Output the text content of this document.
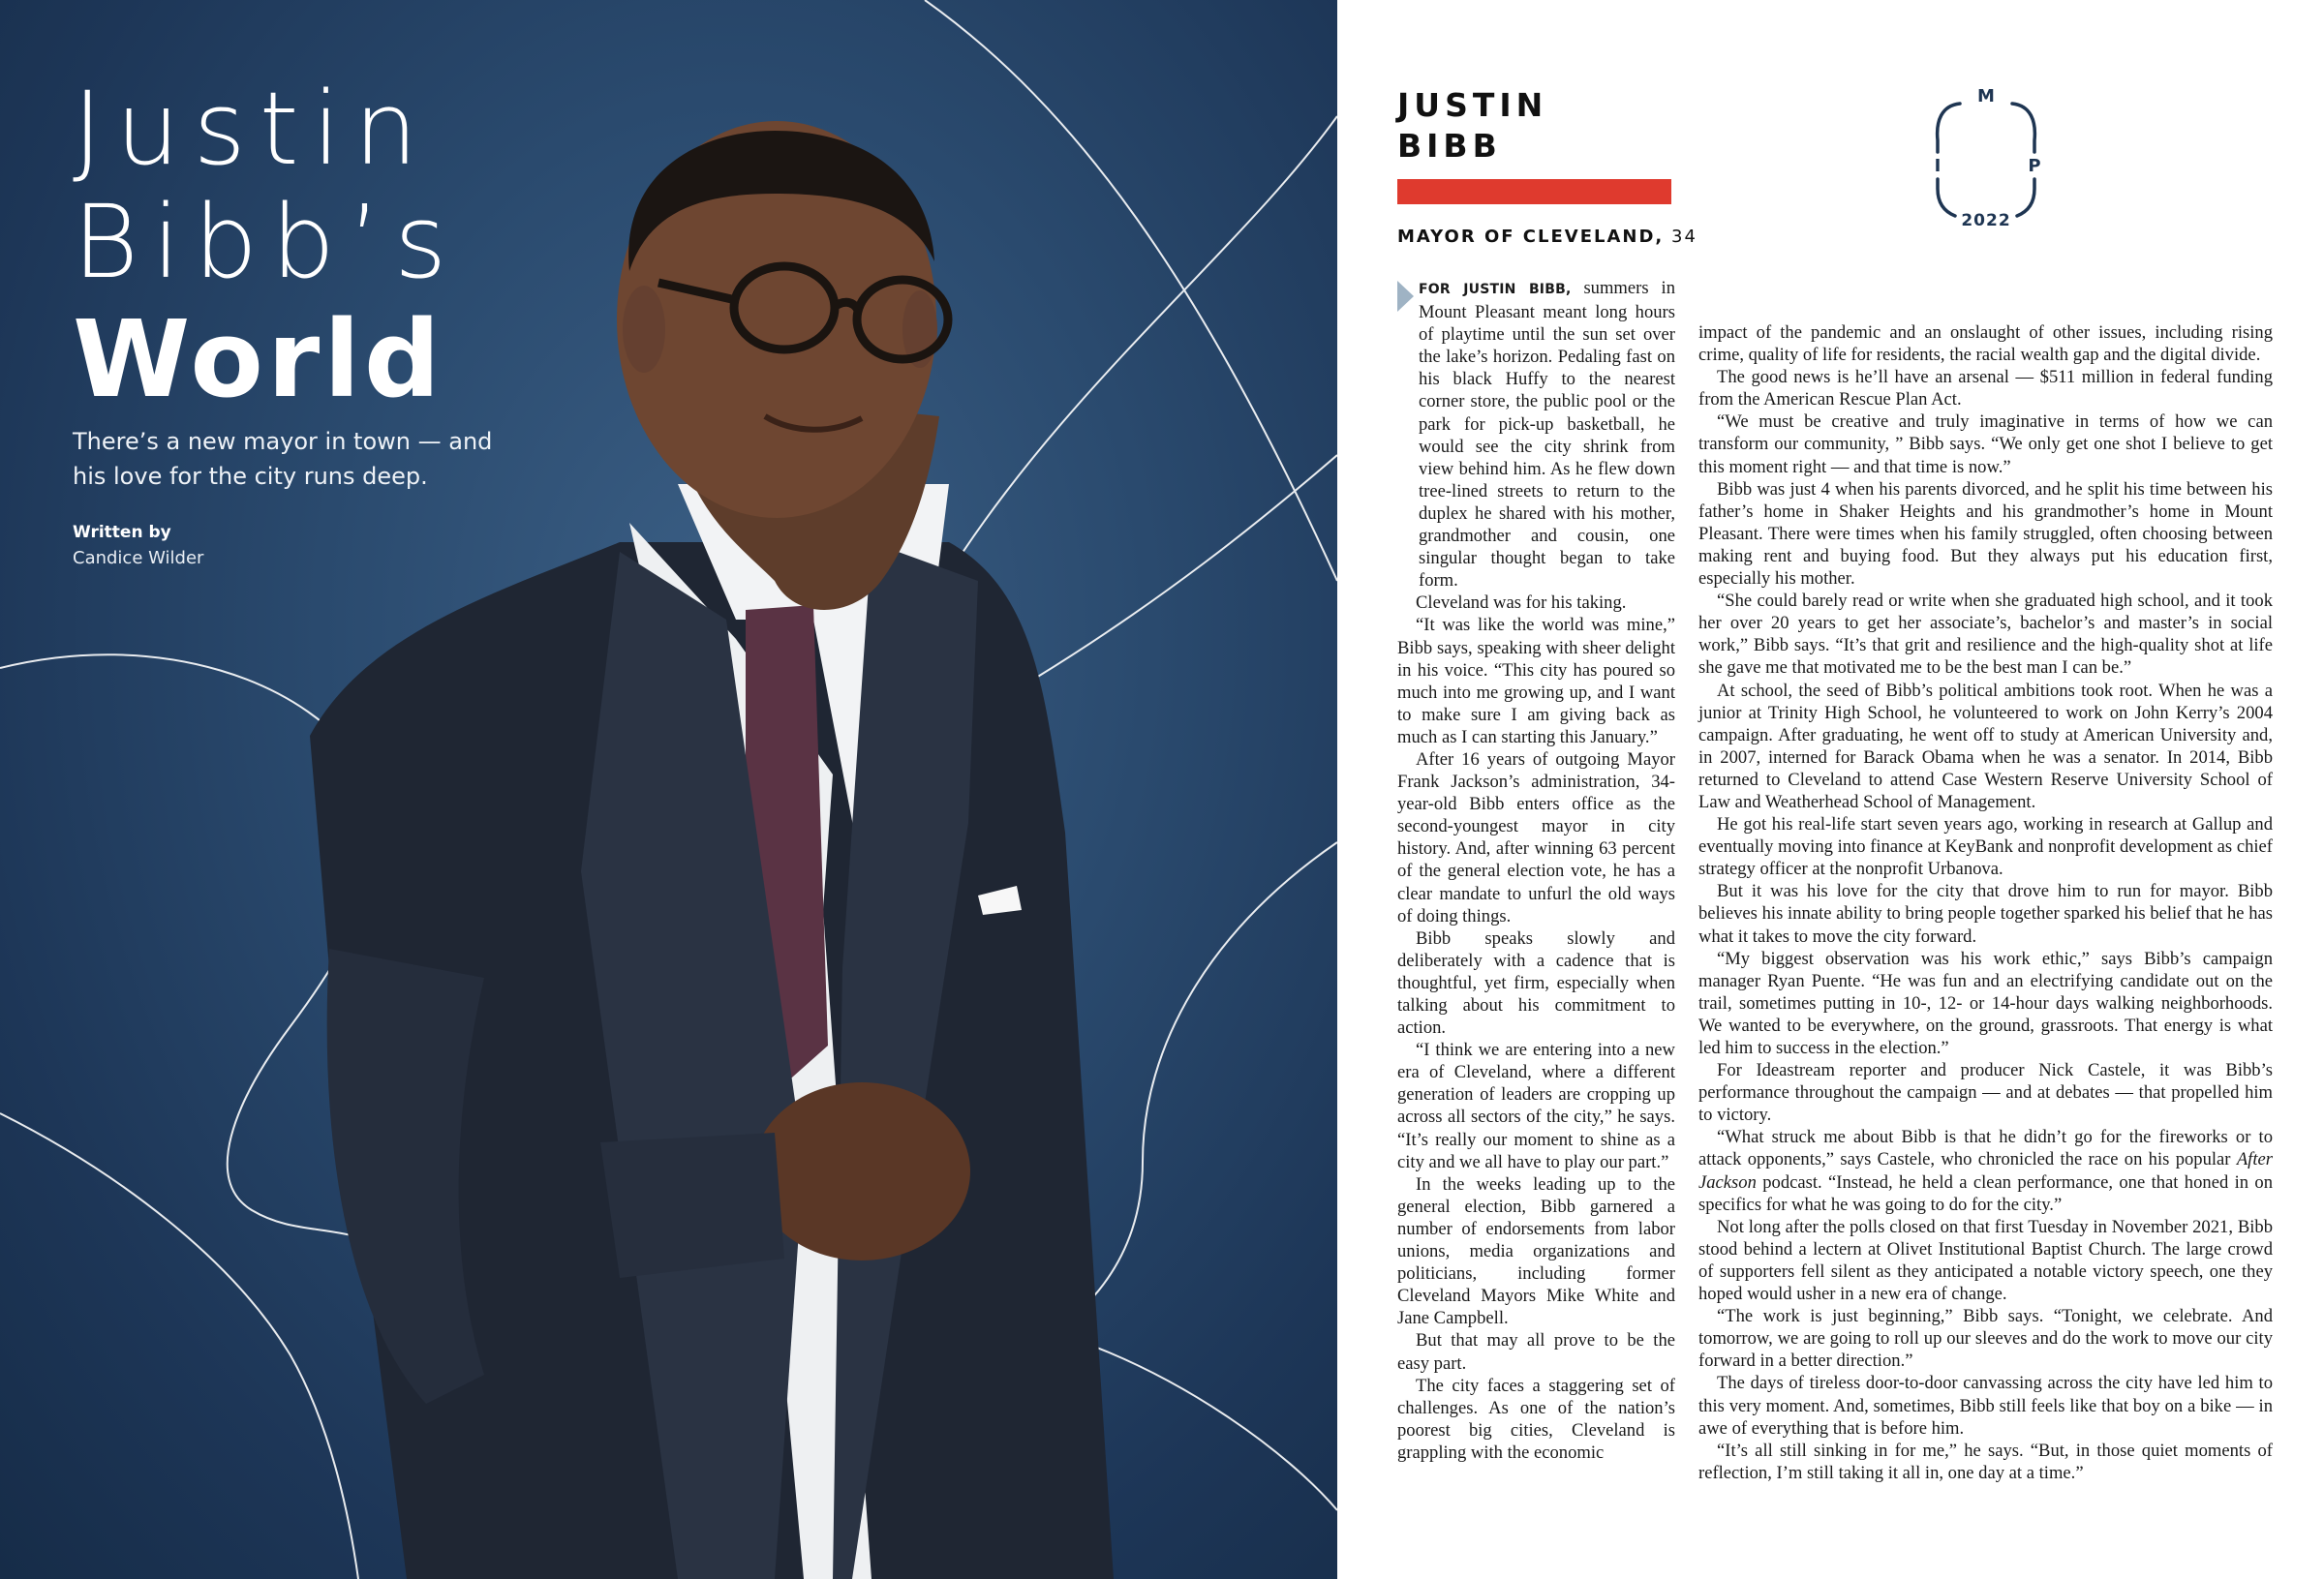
Justin
Bibb’s
World
There’s a new mayor in town — and his love for the city runs deep.
Written by
Candice Wilder
JUSTIN
BIBB
MAYOR OF CLEVELAND, 34
M
I	P
2022

FOR JUSTIN BIBB, summers in Mount Pleasant meant long hours of playtime until the sun set over the lake’s horizon. Pedaling fast on his black Huffy to the nearest corner store, the public pool or the park for pick-up basketball, he would see the city shrink from view behind him. As he flew down tree-lined streets to return to the duplex he shared with his mother, grandmother and cousin, one singular thought began to take form.

Cleveland was for his taking.

“It was like the world was mine,” Bibb says, speaking with sheer delight in his voice. “This city has poured so much into me growing up, and I want to make sure I am giving back as much as I can starting this January.”

After 16 years of outgoing Mayor Frank Jackson’s administration, 34-year-old Bibb enters office as the second-youngest mayor in city history. And, after winning 63 percent of the general election vote, he has a clear mandate to unfurl the old ways of doing things.

Bibb speaks slowly and deliberately with a cadence that is thoughtful, yet firm, especially when talking about his commitment to action.

“I think we are entering into a new era of Cleveland, where a different generation of leaders are cropping up across all sectors of the city,” he says. “It’s really our moment to shine as a city and we all have to play our part.”

In the weeks leading up to the general election, Bibb garnered a number of endorsements from labor unions, media organizations and politicians, including former Cleveland Mayors Mike White and Jane Campbell.

But that may all prove to be the easy part.

The city faces a staggering set of challenges. As one of the nation’s poorest big cities, Cleveland is grappling with the economic

impact of the pandemic and an onslaught of other issues, including rising crime, quality of life for residents, the racial wealth gap and the digital divide.

The good news is he’ll have an arsenal — $511 million in federal funding from the American Rescue Plan Act.

“We must be creative and truly imaginative in terms of how we can transform our community, ” Bibb says. “We only get one shot I believe to get this moment right — and that time is now.”

Bibb was just 4 when his parents divorced, and he split his time between his father’s home in Shaker Heights and his grandmother’s home in Mount Pleasant. There were times when his family struggled, often choosing between making rent and buying food. But they always put his education first, especially his mother.

“She could barely read or write when she graduated high school, and it took her over 20 years to get her associate’s, bachelor’s and master’s in social work,” Bibb says. “It’s that grit and resilience and the high-quality shot at life she gave me that motivated me to be the best man I can be.”

At school, the seed of Bibb’s political ambitions took root. When he was a junior at Trinity High School, he volunteered to work on John Kerry’s 2004 campaign. After graduating, he went off to study at American University and, in 2007, interned for Barack Obama when he was a senator. In 2014, Bibb returned to Cleveland to attend Case Western Reserve University School of Law and Weatherhead School of Management.

He got his real-life start seven years ago, working in research at Gallup and eventually moving into finance at KeyBank and nonprofit development as chief strategy officer at the nonprofit Urbanova.

But it was his love for the city that drove him to run for mayor. Bibb believes his innate ability to bring people together sparked his belief that he has what it takes to move the city forward.

“My biggest observation was his work ethic,” says Bibb’s campaign manager Ryan Puente. “He was fun and an electrifying candidate out on the trail, sometimes putting in 10-, 12- or 14-hour days walking neighborhoods. We wanted to be everywhere, on the ground, grassroots. That energy is what led him to success in the election.”

For Ideastream reporter and producer Nick Castele, it was Bibb’s performance throughout the campaign — and at debates — that propelled him to victory.

“What struck me about Bibb is that he didn’t go for the fireworks or to attack opponents,” says Castele, who chronicled the race on his popular After Jackson podcast. “Instead, he held a clean performance, one that honed in on specifics for what he was going to do for the city.”

Not long after the polls closed on that first Tuesday in November 2021, Bibb stood behind a lectern at Olivet Institutional Baptist Church. The large crowd of supporters fell silent as they anticipated a notable victory speech, one they hoped would usher in a new era of change.

“The work is just beginning,” Bibb says. “Tonight, we celebrate. And tomorrow, we are going to roll up our sleeves and do the work to move our city forward in a better direction.”

The days of tireless door-to-door canvassing across the city have led him to this very moment. And, sometimes, Bibb still feels like that boy on a bike — in awe of everything that is before him.

“It’s all still sinking in for me,” he says. “But, in those quiet moments of reflection, I’m still taking it all in, one day at a time.”
